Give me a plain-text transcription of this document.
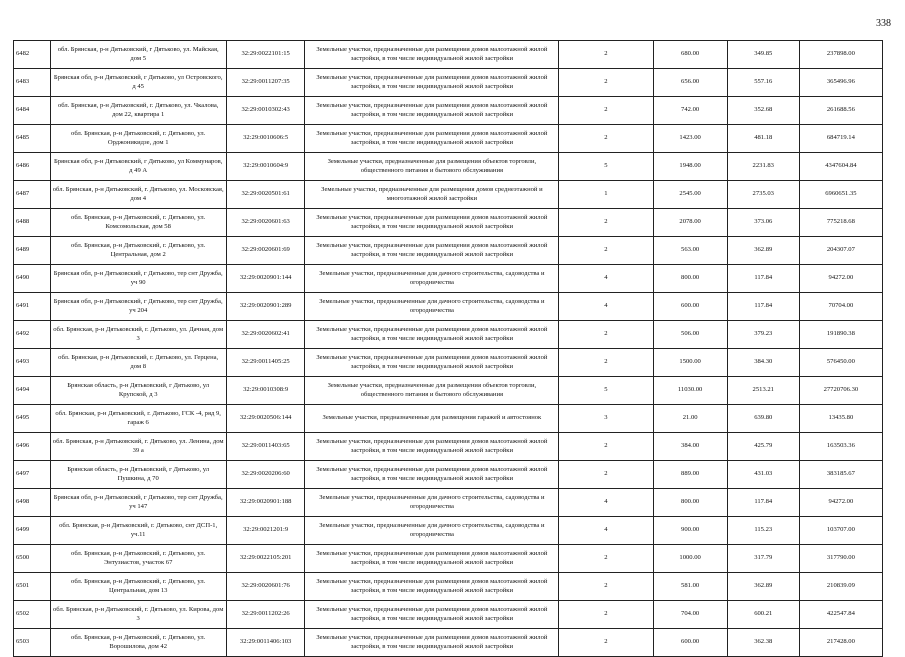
338
6482	обл. Брянская, р-н Дятьковский, г Дятьково, ул. Майская, дом 5	32:29:0022101:15	Земельные участки, предназначенные для размещения домов малоэтажной жилой застройки, в том числе индивидуальной жилой застройки	2	680.00	349.85	237898.00
6483	Брянская обл, р-н Дятьковский, г Дятьково, ул Островского, д 45	32:29:0011207:35	Земельные участки, предназначенные для размещения домов малоэтажной жилой застройки, в том числе индивидуальной жилой застройки	2	656.00	557.16	365496.96
6484	обл. Брянская, р-н Дятьковский, г. Дятьково, ул. Чкалова, дом 22, квартира 1	32:29:0010302:43	Земельные участки, предназначенные для размещения домов малоэтажной жилой застройки, в том числе индивидуальной жилой застройки	2	742.00	352.68	261688.56
6485	обл. Брянская, р-н Дятьковский, г. Дятьково, ул. Орджоникидзе, дом 1	32:29:0010606:5	Земельные участки, предназначенные для размещения домов малоэтажной жилой застройки, в том числе индивидуальной жилой застройки	2	1423.00	481.18	684719.14
6486	Брянская обл, р-н Дятьковский, г Дятьково, ул Коммунаров, д 49 А	32:29:0010604:9	Земельные участки, предназначенные для размещения объектов торговли, общественного питания и бытового обслуживания	5	1948.00	2231.83	4347604.84
6487	обл. Брянская, р-н Дятьковский, г. Дятьково, ул. Московская, дом 4	32:29:0020501:61	Земельные участки, предназначенные для размещения домов среднеэтажной и многоэтажной жилой застройки	1	2545.00	2735.03	6960651.35
6488	обл. Брянская, р-н Дятьковский, г. Дятьково, ул. Комсомольская, дом 58	32:29:0020601:63	Земельные участки, предназначенные для размещения домов малоэтажной жилой застройки, в том числе индивидуальной жилой застройки	2	2078.00	373.06	775218.68
6489	обл. Брянская, р-н Дятьковский, г. Дятьково, ул. Центральная, дом 2	32:29:0020601:69	Земельные участки, предназначенные для размещения домов малоэтажной жилой застройки, в том числе индивидуальной жилой застройки	2	563.00	362.89	204307.07
6490	Брянская обл, р-н Дятьковский, г Дятьково, тер снт Дружба, уч 90	32:29:0020901:144	Земельные участки, предназначенные для дачного строительства, садоводства и огородничества	4	800.00	117.84	94272.00
6491	Брянская обл, р-н Дятьковский, г Дятьково, тер снт Дружба, уч 204	32:29:0020901:289	Земельные участки, предназначенные для дачного строительства, садоводства и огородничества	4	600.00	117.84	70704.00
6492	обл. Брянская, р-н Дятьковский, г. Дятьково, ул. Дачная, дом 3	32:29:0020602:41	Земельные участки, предназначенные для размещения домов малоэтажной жилой застройки, в том числе индивидуальной жилой застройки	2	506.00	379.23	191890.38
6493	обл. Брянская, р-н Дятьковский, г. Дятьково, ул. Герцена, дом 8	32:29:0011405:25	Земельные участки, предназначенные для размещения домов малоэтажной жилой застройки, в том числе индивидуальной жилой застройки	2	1500.00	384.30	576450.00
6494	Брянская область, р-н Дятьковский, г Дятьково, ул Крупской, д 3	32:29:0010308:9	Земельные участки, предназначенные для размещения объектов торговли, общественного питания и бытового обслуживания	5	11030.00	2513.21	27720706.30
6495	обл. Брянская, р-н Дятьковский, г. Дятьково, ГСК -4, ряд 9, гараж 6	32:29:0020506:144	Земельные участки, предназначенные для размещения гаражей и автостоянок	3	21.00	639.80	13435.80
6496	обл. Брянская, р-н Дятьковский, г. Дятьково, ул. Ленина, дом 39 а	32:29:0011403:65	Земельные участки, предназначенные для размещения домов малоэтажной жилой застройки, в том числе индивидуальной жилой застройки	2	384.00	425.79	163503.36
6497	Брянская область, р-н Дятьковский, г Дятьково, ул Пушкина, д 70	32:29:0020206:60	Земельные участки, предназначенные для размещения домов малоэтажной жилой застройки, в том числе индивидуальной жилой застройки	2	889.00	431.03	383185.67
6498	Брянская обл, р-н Дятьковский, г Дятьково, тер снт Дружба, уч 147	32:29:0020901:188	Земельные участки, предназначенные для дачного строительства, садоводства и огородничества	4	800.00	117.84	94272.00
6499	обл. Брянская, р-н Дятьковский, г. Дятьково, снт ДСП-1, уч.11	32:29:0021201:9	Земельные участки, предназначенные для дачного строительства, садоводства и огородничества	4	900.00	115.23	103707.00
6500	обл. Брянская, р-н Дятьковский, г. Дятьково, ул. Энтузиастов, участок 67	32:29:0022105:201	Земельные участки, предназначенные для размещения домов малоэтажной жилой застройки, в том числе индивидуальной жилой застройки	2	1000.00	317.79	317790.00
6501	обл. Брянская, р-н Дятьковский, г. Дятьково, ул. Центральная, дом 13	32:29:0020601:76	Земельные участки, предназначенные для размещения домов малоэтажной жилой застройки, в том числе индивидуальной жилой застройки	2	581.00	362.89	210839.09
6502	обл. Брянская, р-н Дятьковский, г. Дятьково, ул. Кирова, дом 3	32:29:0011202:26	Земельные участки, предназначенные для размещения домов малоэтажной жилой застройки, в том числе индивидуальной жилой застройки	2	704.00	600.21	422547.84
6503	обл. Брянская, р-н Дятьковский, г. Дятьково, ул. Ворошилова, дом 42	32:29:0011406:103	Земельные участки, предназначенные для размещения домов малоэтажной жилой застройки, в том числе индивидуальной жилой застройки	2	600.00	362.38	217428.00
